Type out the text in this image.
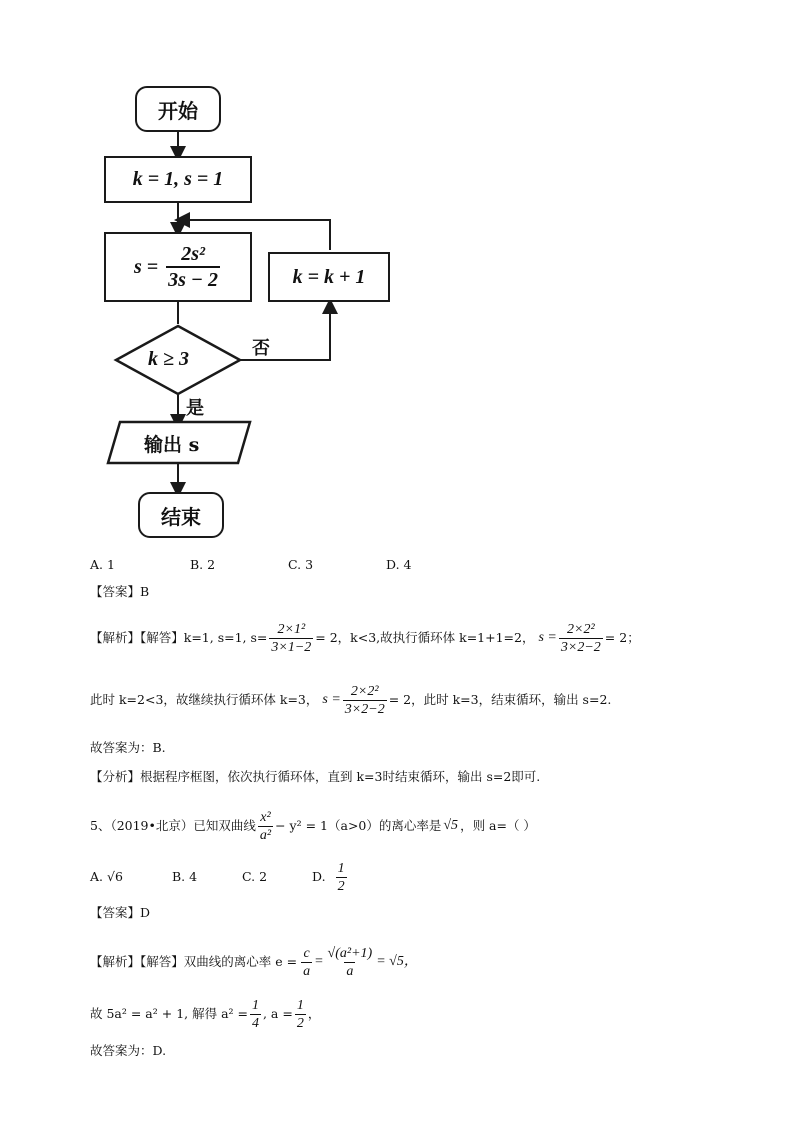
开始
k = 1, s = 1
$s = \frac{\text{2s²}}{3s - 2}$	k = k + 1
k ≥ 3	否
是
输出 s
结束
A. 1	B. 2	C. 3	D. 4
【答案】B
【解析】【解答】k=1, s=1, $s= \frac{\text{2×1²}}{3\times 1-2} = 2$，k<3,故执行循环体 k=1+1=2， $s = \frac{\text{2×2²}}{3\times 2-2} = 2$；
此时 k=2<3，故继续执行循环体 k=3， $s = \frac{\text{2×2²}}{3\times 2-2} = 2$，此时 k=3，结束循环，输出 s=2.
故答案为：B.
【分析】根据程序框图，依次执行循环体，直到 k=3时结束循环，输出 s=2即可.
5、（2019•北京）已知双曲线 $\frac{\text{x²}}{\text{a²}} - y^2 = 1(a>0)$的离心率是 √5 ，则 a=（ ）
A. √6	B. 4	C. 2	D. $\frac{1}{2}$
【答案】D
【解析】【解答】双曲线的离心率 $e = \frac{c}{a} = \frac{\text{√(a²+1)}}{a} = √5$，
故 5a² = a² + 1, 解得 $a^2 = \frac{1}{4}$ , $a = \frac{1}{2}$ ，
故答案为：D.
